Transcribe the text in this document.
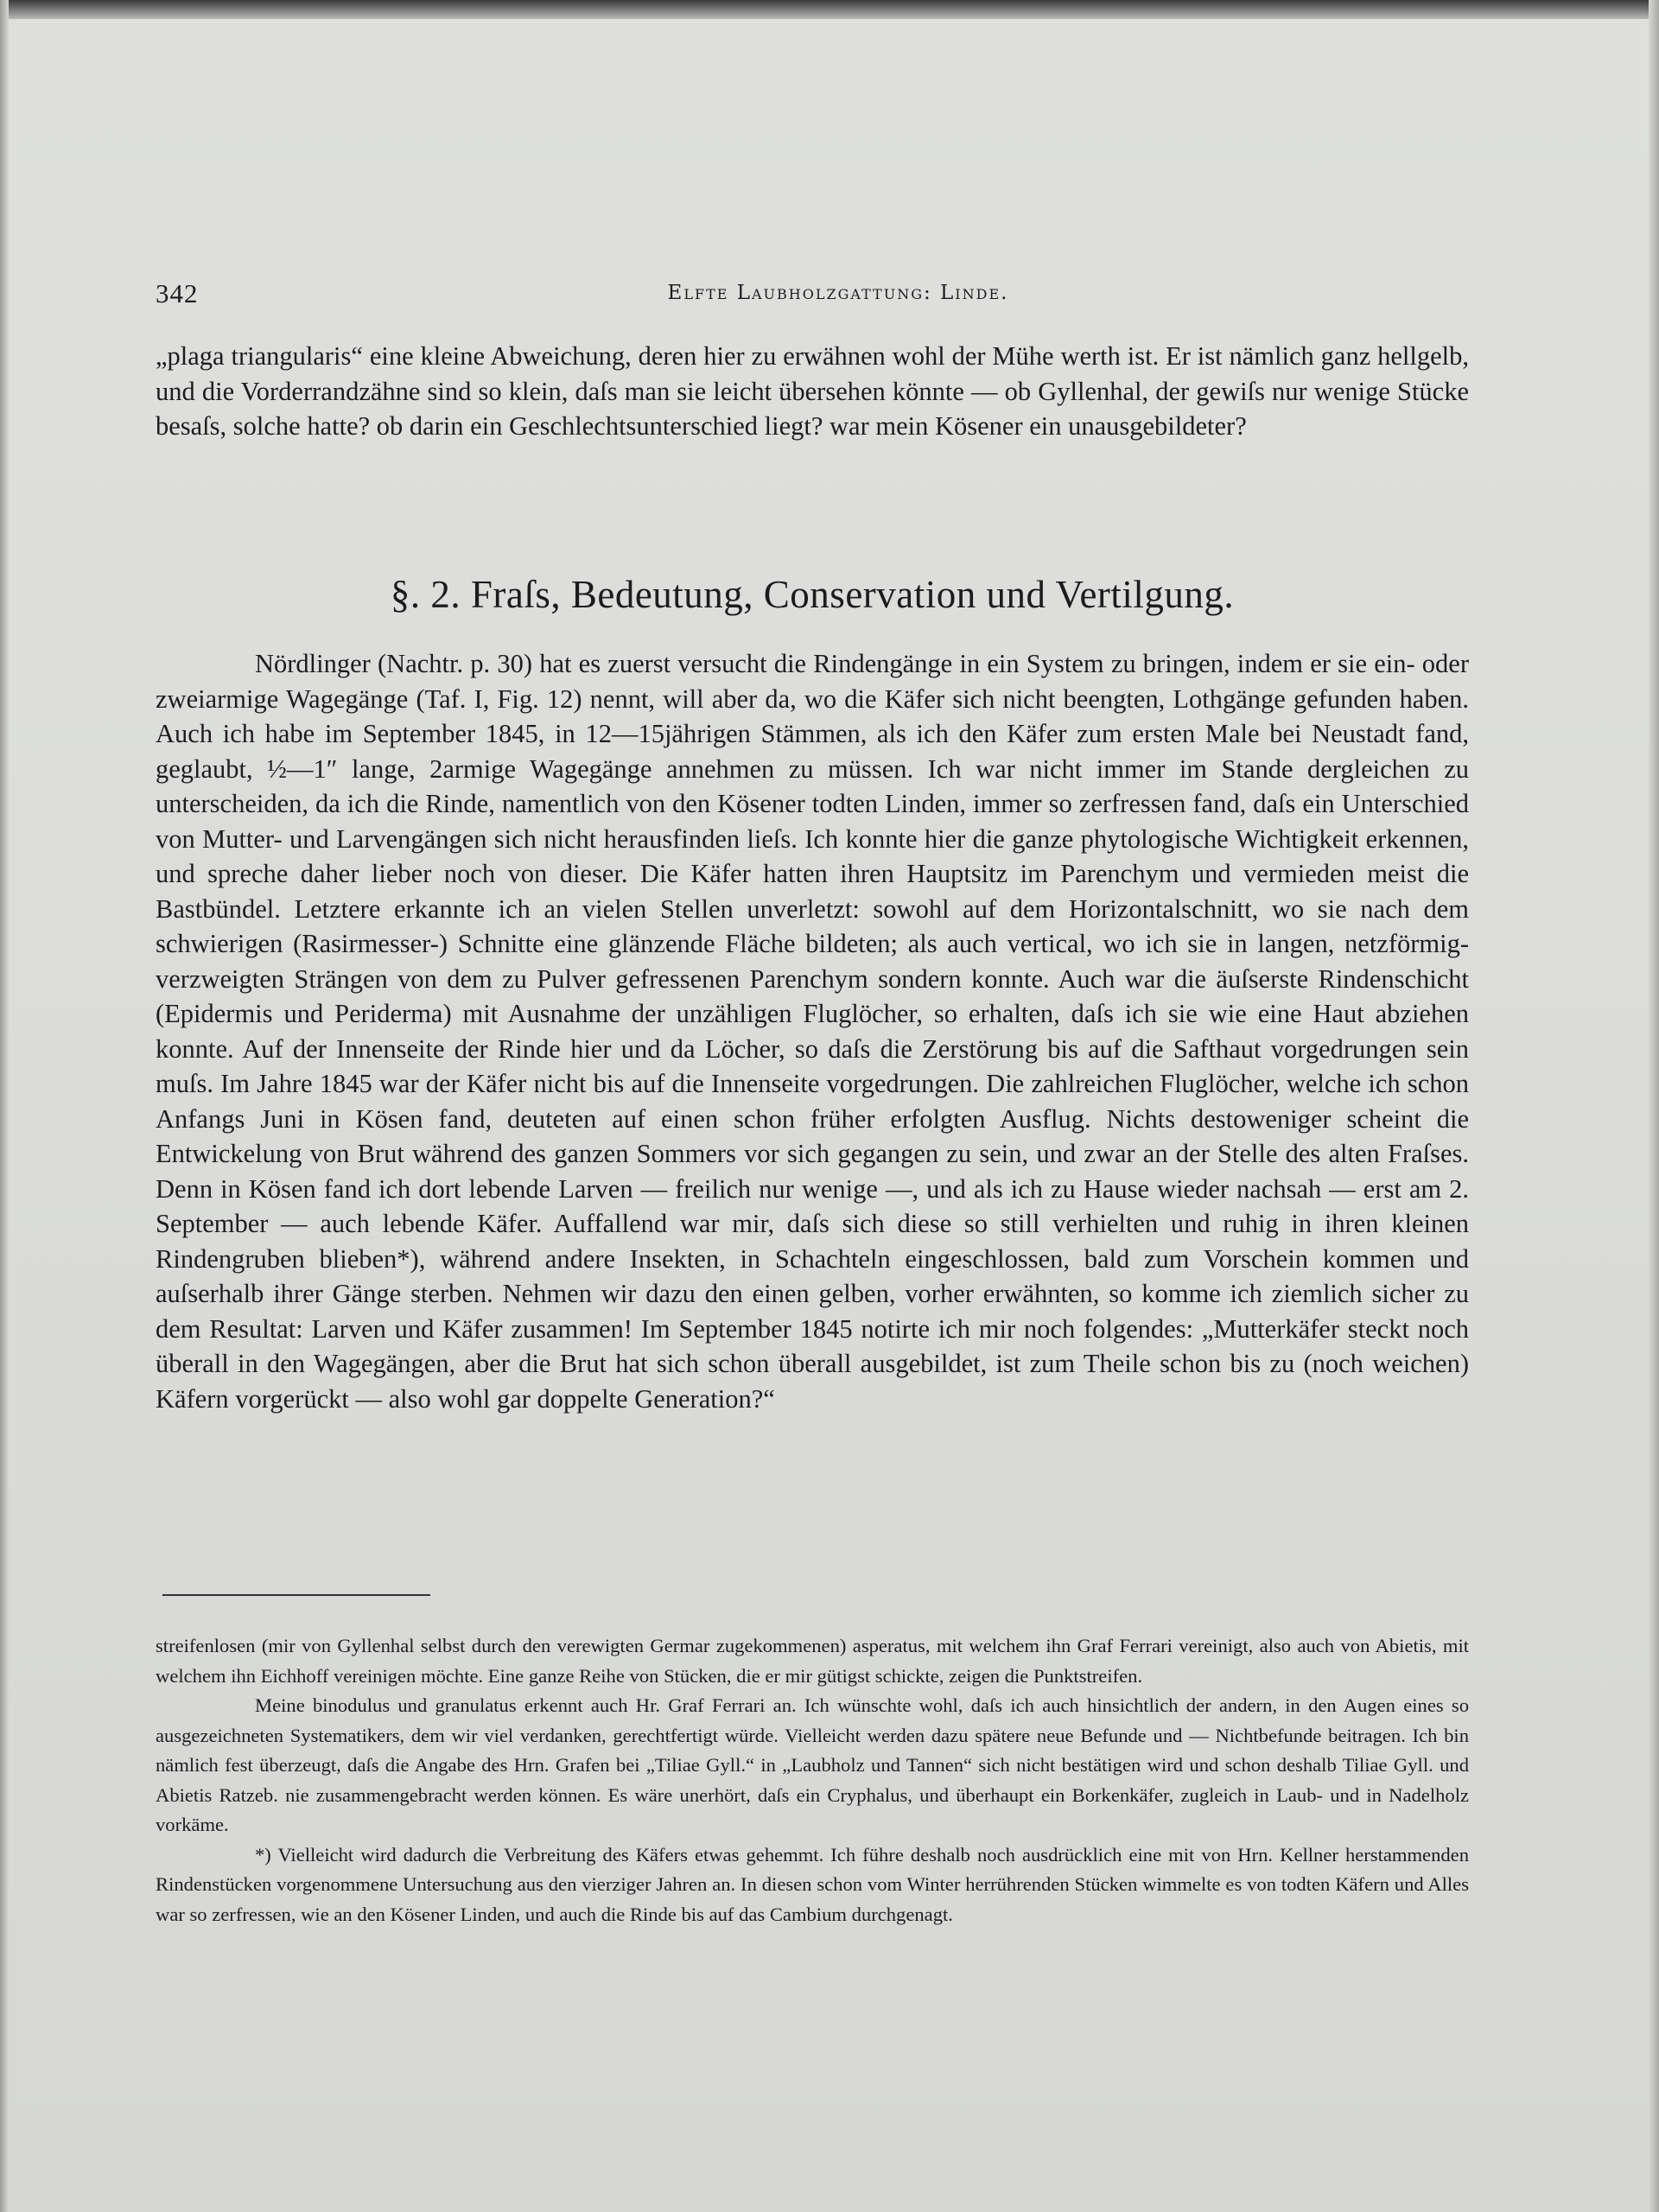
342	Elfte Laubholzgattung: Linde.

„plaga triangularis“ eine kleine Abweichung, deren hier zu erwähnen wohl der Mühe werth ist. Er ist nämlich ganz hellgelb, und die Vorderrandzähne sind so klein, daſs man sie leicht übersehen könnte — ob Gyllenhal, der gewiſs nur wenige Stücke besaſs, solche hatte? ob darin ein Geschlechtsunterschied liegt? war mein Kösener ein unausgebildeter?

§. 2. Fraſs, Bedeutung, Conservation und Vertilgung.

Nördlinger (Nachtr. p. 30) hat es zuerst versucht die Rindengänge in ein System zu bringen, indem er sie ein- oder zweiarmige Wagegänge (Taf. I, Fig. 12) nennt, will aber da, wo die Käfer sich nicht beengten, Lothgänge gefunden haben. Auch ich habe im September 1845, in 12—15jährigen Stämmen, als ich den Käfer zum ersten Male bei Neustadt fand, geglaubt, ½—1″ lange, 2armige Wagegänge annehmen zu müssen. Ich war nicht immer im Stande dergleichen zu unterscheiden, da ich die Rinde, namentlich von den Kösener todten Linden, immer so zerfressen fand, daſs ein Unterschied von Mutter- und Larvengängen sich nicht herausfinden lieſs. Ich konnte hier die ganze phytologische Wichtigkeit erkennen, und spreche daher lieber noch von dieser. Die Käfer hatten ihren Hauptsitz im Parenchym und vermieden meist die Bastbündel. Letztere erkannte ich an vielen Stellen unverletzt: sowohl auf dem Horizontalschnitt, wo sie nach dem schwierigen (Rasirmesser-) Schnitte eine glänzende Fläche bildeten; als auch vertical, wo ich sie in langen, netzförmig-verzweigten Strängen von dem zu Pulver gefressenen Parenchym sondern konnte. Auch war die äuſserste Rindenschicht (Epidermis und Periderma) mit Ausnahme der unzähligen Fluglöcher, so erhalten, daſs ich sie wie eine Haut abziehen konnte. Auf der Innenseite der Rinde hier und da Löcher, so daſs die Zerstörung bis auf die Safthaut vorgedrungen sein muſs. Im Jahre 1845 war der Käfer nicht bis auf die Innenseite vorgedrungen. Die zahlreichen Fluglöcher, welche ich schon Anfangs Juni in Kösen fand, deuteten auf einen schon früher erfolgten Ausflug. Nichts destoweniger scheint die Entwickelung von Brut während des ganzen Sommers vor sich gegangen zu sein, und zwar an der Stelle des alten Fraſses. Denn in Kösen fand ich dort lebende Larven — freilich nur wenige —, und als ich zu Hause wieder nachsah — erst am 2. September — auch lebende Käfer. Auffallend war mir, daſs sich diese so still verhielten und ruhig in ihren kleinen Rindengruben blieben*), während andere Insekten, in Schachteln eingeschlossen, bald zum Vorschein kommen und auſserhalb ihrer Gänge sterben. Nehmen wir dazu den einen gelben, vorher erwähnten, so komme ich ziemlich sicher zu dem Resultat: Larven und Käfer zusammen! Im September 1845 notirte ich mir noch folgendes: „Mutterkäfer steckt noch überall in den Wagegängen, aber die Brut hat sich schon überall ausgebildet, ist zum Theile schon bis zu (noch weichen) Käfern vorgerückt — also wohl gar doppelte Generation?“

streifenlosen (mir von Gyllenhal selbst durch den verewigten Germar zugekommenen) asperatus, mit welchem ihn Graf Ferrari vereinigt, also auch von Abietis, mit welchem ihn Eichhoff vereinigen möchte. Eine ganze Reihe von Stücken, die er mir gütigst schickte, zeigen die Punktstreifen.

Meine binodulus und granulatus erkennt auch Hr. Graf Ferrari an. Ich wünschte wohl, daſs ich auch hinsichtlich der andern, in den Augen eines so ausgezeichneten Systematikers, dem wir viel verdanken, gerechtfertigt würde. Vielleicht werden dazu spätere neue Befunde und — Nichtbefunde beitragen. Ich bin nämlich fest überzeugt, daſs die Angabe des Hrn. Grafen bei „Tiliae Gyll.“ in „Laubholz und Tannen“ sich nicht bestätigen wird und schon deshalb Tiliae Gyll. und Abietis Ratzeb. nie zusammengebracht werden können. Es wäre unerhört, daſs ein Cryphalus, und überhaupt ein Borkenkäfer, zugleich in Laub- und in Nadelholz vorkäme.

*) Vielleicht wird dadurch die Verbreitung des Käfers etwas gehemmt. Ich führe deshalb noch ausdrücklich eine mit von Hrn. Kellner herstammenden Rindenstücken vorgenommene Untersuchung aus den vierziger Jahren an. In diesen schon vom Winter herrührenden Stücken wimmelte es von todten Käfern und Alles war so zerfressen, wie an den Kösener Linden, und auch die Rinde bis auf das Cambium durchgenagt.
